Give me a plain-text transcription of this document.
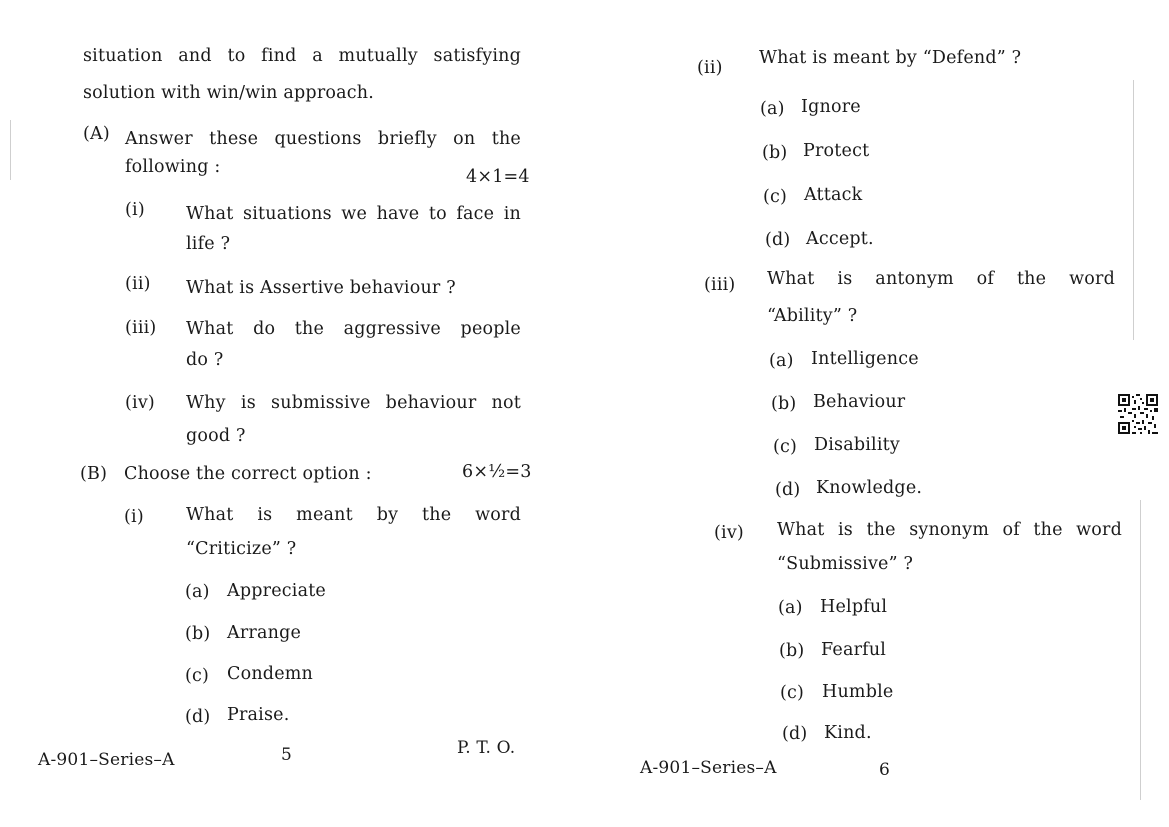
situation and to find a mutually satisfying
solution with win/win approach.
(A) Answer these questions briefly on the
following :	4×1=4
(i) What situations we have to face in
life ?
(ii) What is Assertive behaviour ?
(iii) What do the aggressive people
do ?
(iv) Why is submissive behaviour not
good ?
(B) Choose the correct option :	6×½=3
(i) What is meant by the word
“Criticize” ?
(a) Appreciate
(b) Arrange
(c) Condemn
(d) Praise.
A-901–Series–A	5	P. T. O.
(ii) What is meant by “Defend” ?
(a) Ignore
(b) Protect
(c) Attack
(d) Accept.
(iii) What is antonym of the word
“Ability” ?
(a) Intelligence
(b) Behaviour
(c) Disability
(d) Knowledge.
(iv) What is the synonym of the word
“Submissive” ?
(a) Helpful
(b) Fearful
(c) Humble
(d) Kind.
A-901–Series–A	6
